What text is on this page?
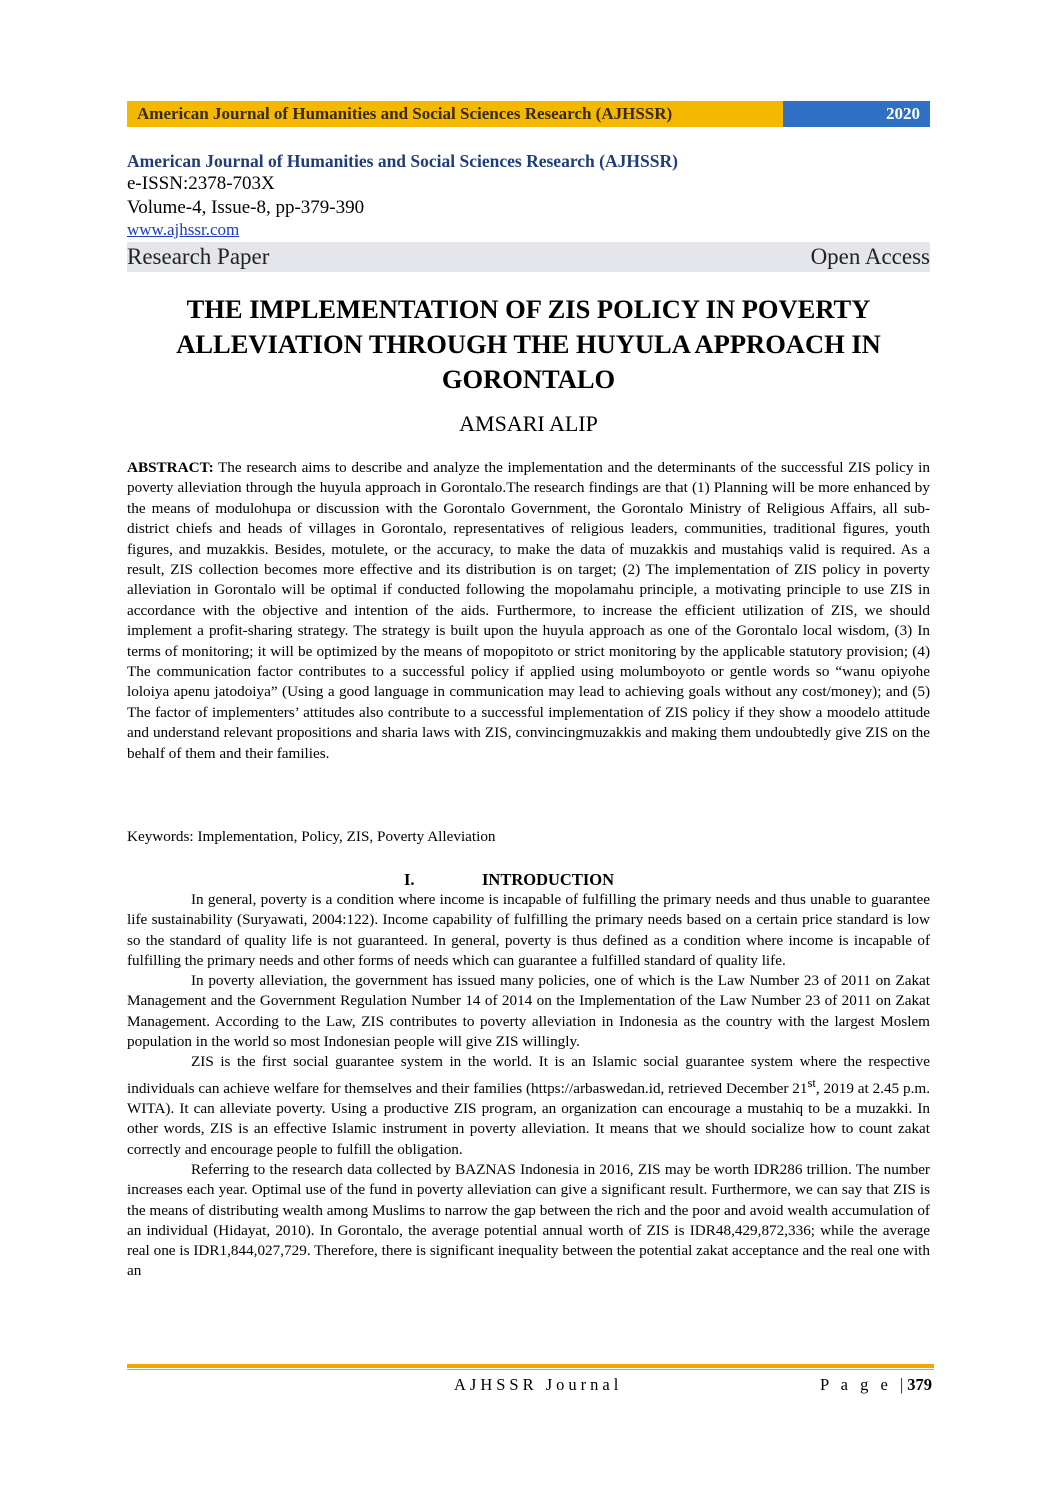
American Journal of Humanities and Social Sciences Research (AJHSSR)	2020
American Journal of Humanities and Social Sciences Research (AJHSSR)
e-ISSN:2378-703X
Volume-4, Issue-8, pp-379-390
www.ajhssr.com
Research Paper	Open Access
THE IMPLEMENTATION OF ZIS POLICY IN POVERTY
ALLEVIATION THROUGH THE HUYULA APPROACH IN
GORONTALO
AMSARI ALIP
ABSTRACT: The research aims to describe and analyze the implementation and the determinants of the successful ZIS policy in poverty alleviation through the huyula approach in Gorontalo.The research findings are that (1) Planning will be more enhanced by the means of modulohupa or discussion with the Gorontalo Government, the Gorontalo Ministry of Religious Affairs, all sub-district chiefs and heads of villages in Gorontalo, representatives of religious leaders, communities, traditional figures, youth figures, and muzakkis. Besides, motulete, or the accuracy, to make the data of muzakkis and mustahiqs valid is required. As a result, ZIS collection becomes more effective and its distribution is on target; (2) The implementation of ZIS policy in poverty alleviation in Gorontalo will be optimal if conducted following the mopolamahu principle, a motivating principle to use ZIS in accordance with the objective and intention of the aids. Furthermore, to increase the efficient utilization of ZIS, we should implement a profit-sharing strategy. The strategy is built upon the huyula approach as one of the Gorontalo local wisdom, (3) In terms of monitoring; it will be optimized by the means of mopopitoto or strict monitoring by the applicable statutory provision; (4) The communication factor contributes to a successful policy if applied using molumboyoto or gentle words so “wanu opiyohe loloiya apenu jatodoiya” (Using a good language in communication may lead to achieving goals without any cost/money); and (5) The factor of implementers’ attitudes also contribute to a successful implementation of ZIS policy if they show a moodelo attitude and understand relevant propositions and sharia laws with ZIS, convincingmuzakkis and making them undoubtedly give ZIS on the behalf of them and their families.
Keywords: Implementation, Policy, ZIS, Poverty Alleviation
I.	INTRODUCTION

In general, poverty is a condition where income is incapable of fulfilling the primary needs and thus unable to guarantee life sustainability (Suryawati, 2004:122). Income capability of fulfilling the primary needs based on a certain price standard is low so the standard of quality life is not guaranteed. In general, poverty is thus defined as a condition where income is incapable of fulfilling the primary needs and other forms of needs which can guarantee a fulfilled standard of quality life.

In poverty alleviation, the government has issued many policies, one of which is the Law Number 23 of 2011 on Zakat Management and the Government Regulation Number 14 of 2014 on the Implementation of the Law Number 23 of 2011 on Zakat Management. According to the Law, ZIS contributes to poverty alleviation in Indonesia as the country with the largest Moslem population in the world so most Indonesian people will give ZIS willingly.

ZIS is the first social guarantee system in the world. It is an Islamic social guarantee system where the respective individuals can achieve welfare for themselves and their families (https://arbaswedan.id, retrieved December 21st, 2019 at 2.45 p.m. WITA). It can alleviate poverty. Using a productive ZIS program, an organization can encourage a mustahiq to be a muzakki. In other words, ZIS is an effective Islamic instrument in poverty alleviation. It means that we should socialize how to count zakat correctly and encourage people to fulfill the obligation.

Referring to the research data collected by BAZNAS Indonesia in 2016, ZIS may be worth IDR286 trillion. The number increases each year. Optimal use of the fund in poverty alleviation can give a significant result. Furthermore, we can say that ZIS is the means of distributing wealth among Muslims to narrow the gap between the rich and the poor and avoid wealth accumulation of an individual (Hidayat, 2010). In Gorontalo, the average potential annual worth of ZIS is IDR48,429,872,336; while the average real one is IDR1,844,027,729. Therefore, there is significant inequality between the potential zakat acceptance and the real one with an

AJHSSR Journal	P a g e |379
